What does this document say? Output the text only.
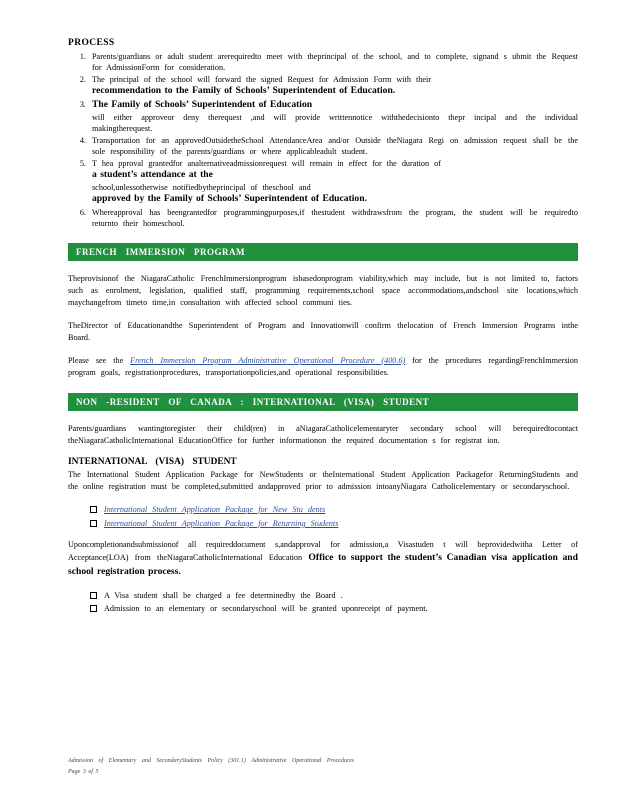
PROCESS
1. Parents/guardians or adult student arerequiredto meet with theprincipal of the school, and to complete, signand s ubmit the Request for AdmissionForm for consideration.
2. The principal of the school will forward the signed Request for Admission Form with their
recommendation to the Family of Schools’ Superintendent of Education.
3. The Family of Schools’ Superintendent of Education
will either approveor deny therequest ,and will provide writtennotice withthedecisionto thepr incipal and the individual makingtherequest.
4. Transportation for an approvedOutsidetheSchool AttendanceArea and/or Outside theNiagara Regi on admission request shall be the sole responsibility of the parents/guardians or where applicableadult student.
5. T hea pproval grantedfor analternativeadmissionrequest will remain in effect for the duration of
a student’s attendance at the
school,unlessotherwise notifiedbytheprincipal of theschool and
approved by the Family of Schools’ Superintendent of Education.
6. Whereapproval has beengrantedfor programmingpurposes,if thestudent withdrawsfrom the program, the student will be requiredto returnto their homeschool.
FRENCH IMMERSION PROGRAM

Theprovisionof the NiagaraCatholic FrenchImmersionprogram isbasedonprogram viability,which may include, but is not limited to, factors such as enrolment, legislation, qualified staff, programming requirements,school space accommodations,andschool site locations,which maychangefrom timeto time,in consultation with affected school communi ties.

TheDirector of Educationandthe Superintendent of Program and Innovationwill confirm thelocation of French Immersion Programs inthe Board.

Please see the French Immersion Program Administrative Operational Procedure (400.6) for the procedures regardingFrenchImmersion program goals, registrationprocedures, transportationpolicies,and operational responsibilities.

NON -RESIDENT OF CANADA : INTERNATIONAL (VISA) STUDENT

Parents/guardians wantingtoregister their child(ren) in aNiagaraCatholicelementaryter secondary school will berequiredtocontact theNiagaraCatholicInternational EducationOffice for further informationon the required documentation s for registrat ion.

INTERNATIONAL (VISA) STUDENT

The International Student Application Package for NewStudents or theInternational Student Application Packagefor ReturningStudents and the online registration must be completed,submitted andapproved prior to admission intoanyNiagara Catholicelementary or secondaryschool.

International Student Application Package for New Stu dents
International Student Application Package for Returning Students

Uponcompletionandsubmissionof all requireddocument s,andapproval for admission,a Visastuden t will beprovidedwitha Letter of Acceptance(LOA) from theNiagaraCatholicInternational Education Office to support the student’s Canadian visa application and school registration process.

A Visa student shall be charged a fee determinedby the Board .
Admission to an elementary or secondaryschool will be granted uponreceipt of payment.
Admission of Elementary and SecondaryStudents Policy (301.1) Administrative Operational Procedures
Page 3 of 5
